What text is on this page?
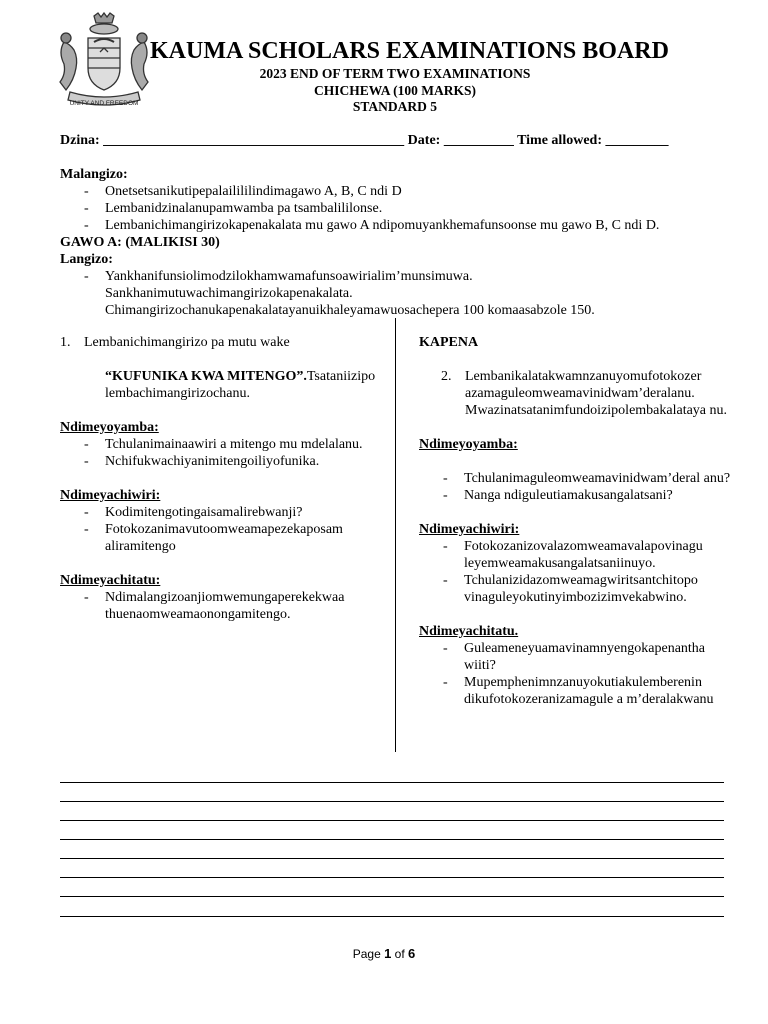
UNITY AND FREEDOM
KAUMA SCHOLARS EXAMINATIONS BOARD
2023 END OF TERM TWO EXAMINATIONS
CHICHEWA (100 MARKS)
STANDARD 5
Dzina: ___________________________________________ Date: __________ Time allowed: _________
Malangizo:
- Onetsetsanikutipepalailililindimagawo A, B, C ndi D
- Lembanidzinalanupamwamba pa tsambalililonse.
- Lembanichimangirizokapenakalata mu gawo A ndipomuyankhemafunsoonse mu gawo B, C ndi D.
GAWO A: (MALIKISI 30)
Langizo:
- Yankhanifunsiolimodzilokhamwamafunsoawirialim’munsimuwa.
Sankhanimutuwachimangirizokapenakalata.
Chimangirizochanukapenakalatayanuikhaleyamawuosachepera 100 komaasabzole 150.
1. Lembanichimangirizo pa mutu wake
“KUFUNIKA KWA MITENGO”.Tsataniizipolembachimangirizochanu.
Ndimeyoyamba:
- Tchulanimainaawiri a mitengo mu mdelalanu.
- Nchifukwachiyanimitengoiliyofunika.
Ndimeyachiwiri:
- Kodimitengotingaisamalirebwanji?
- Fotokozanimavutoomweamapezekaposam aliramitengo
Ndimeyachitatu:
- Ndimalangizoanjiomwemungaperekekwaa thuenaomweamaonongamitengo.
KAPENA
2. Lembanikalatakwamnzanuyomufotokozer azamaguleomweamavinidwam’deralanu. Mwazinatsatanimfundoizipolembakalataya nu.
Ndimeyoyamba:
- Tchulanimaguleomweamavinidwam’deral anu?
- Nanga ndiguleutiamakusangalatsani?
Ndimeyachiwiri:
- Fotokozanizovalazomweamavalapovinagu leyemweamakusangalatsaniinuyo.
- Tchulanizidazomweamagwiritsantchitopo vinaguleyokutinyimbozizimvekabwino.
Ndimeyachitatu.
- Guleameneyuamavinamnyengokapenantha wiiti?
- Mupemphenimnzanuyokutiakulemberenin dikufotokozeranizamagule a m’deralakwanu
Page 1 of 6
